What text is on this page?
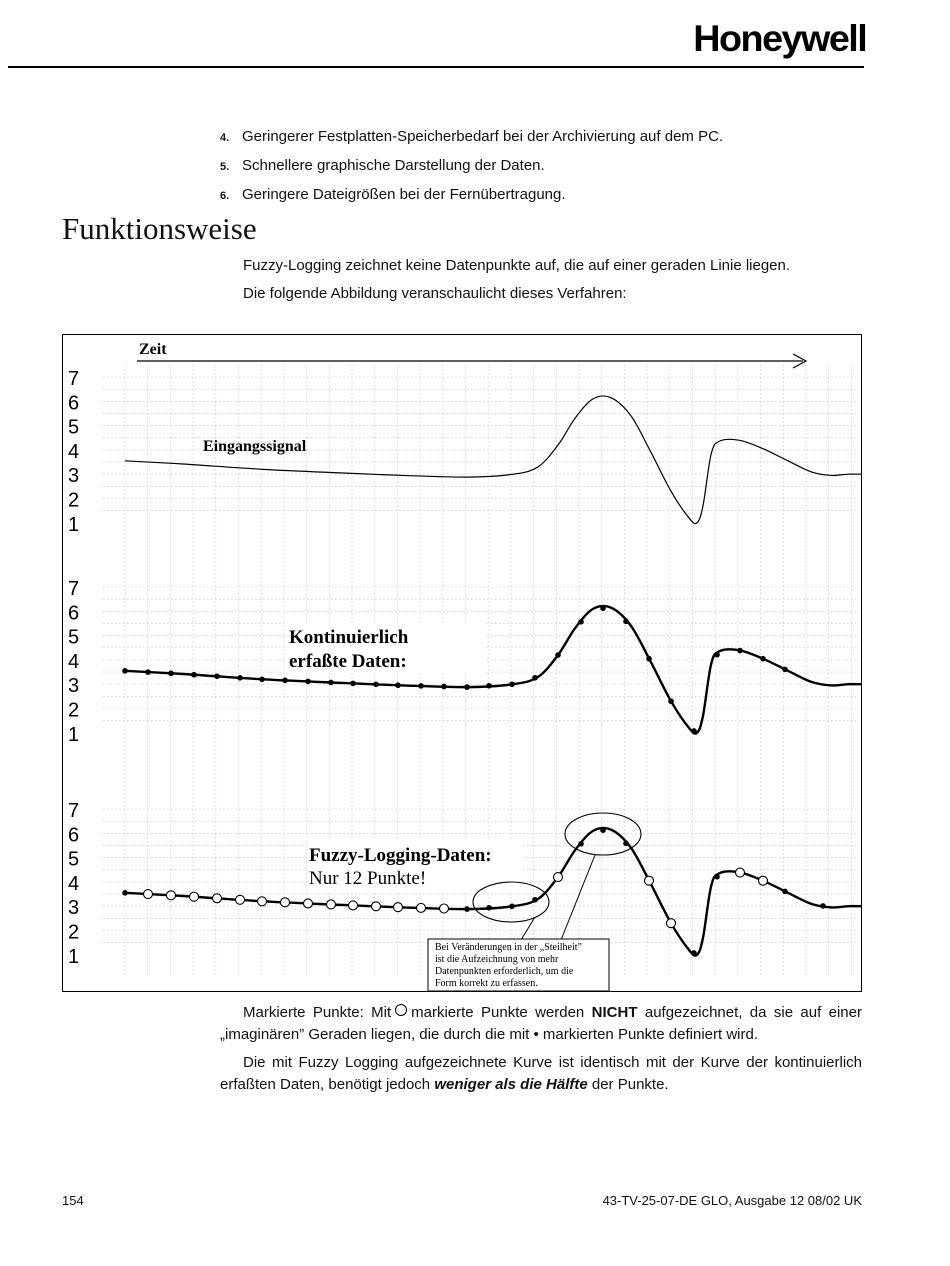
Honeywell
4. Geringerer Festplatten-Speicherbedarf bei der Archivierung auf dem PC.
5. Schnellere graphische Darstellung der Daten.
6. Geringere Dateigrößen bei der Fernübertragung.
Funktionsweise
Fuzzy-Logging zeichnet keine Datenpunkte auf, die auf einer geraden Linie liegen.
Die folgende Abbildung veranschaulicht dieses Verfahren:
7
6
5
4
3
2
1
7
6
5
4
3
2
1
7
6
5
4
3
2
1
Zeit
Eingangssignal
Kontinuierlich
erfaßte Daten:
Fuzzy-Logging-Daten:
Nur 12 Punkte!
Bei Veränderungen in der „Steilheit”
ist die Aufzeichnung von mehr
Datenpunkten erforderlich, um die
Form korrekt zu erfassen.

Markierte Punkte: Mit markierte Punkte werden NICHT aufgezeichnet, da sie auf einer „imaginären” Geraden liegen, die durch die mit • markierten Punkte definiert wird.

Die mit Fuzzy Logging aufgezeichnete Kurve ist identisch mit der Kurve der kontinuierlich erfaßten Daten, benötigt jedoch weniger als die Hälfte der Punkte.

154	43-TV-25-07-DE GLO, Ausgabe 12 08/02 UK
